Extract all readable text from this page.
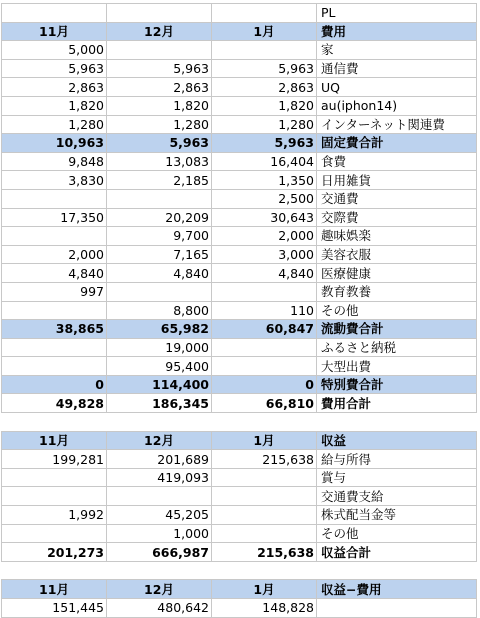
			PL
11月	12月	1月	費用
5,000			家
5,963	5,963	5,963	通信費
2,863	2,863	2,863	UQ
1,820	1,820	1,820	au(iphon14)
1,280	1,280	1,280	インターネット関連費
10,963	5,963	5,963	固定費合計
9,848	13,083	16,404	食費
3,830	2,185	1,350	日用雑貨
		2,500	交通費
17,350	20,209	30,643	交際費
	9,700	2,000	趣味娯楽
2,000	7,165	3,000	美容衣服
4,840	4,840	4,840	医療健康
997			教育教養
	8,800	110	その他
38,865	65,982	60,847	流動費合計
	19,000		ふるさと納税
	95,400		大型出費
0	114,400	0	特別費合計
49,828	186,345	66,810	費用合計

11月	12月	1月	収益
199,281	201,689	215,638	給与所得
	419,093		賞与
			交通費支給
1,992	45,205		株式配当金等
	1,000		その他
201,273	666,987	215,638	収益合計

11月	12月	1月	収益−費用
151,445	480,642	148,828	
